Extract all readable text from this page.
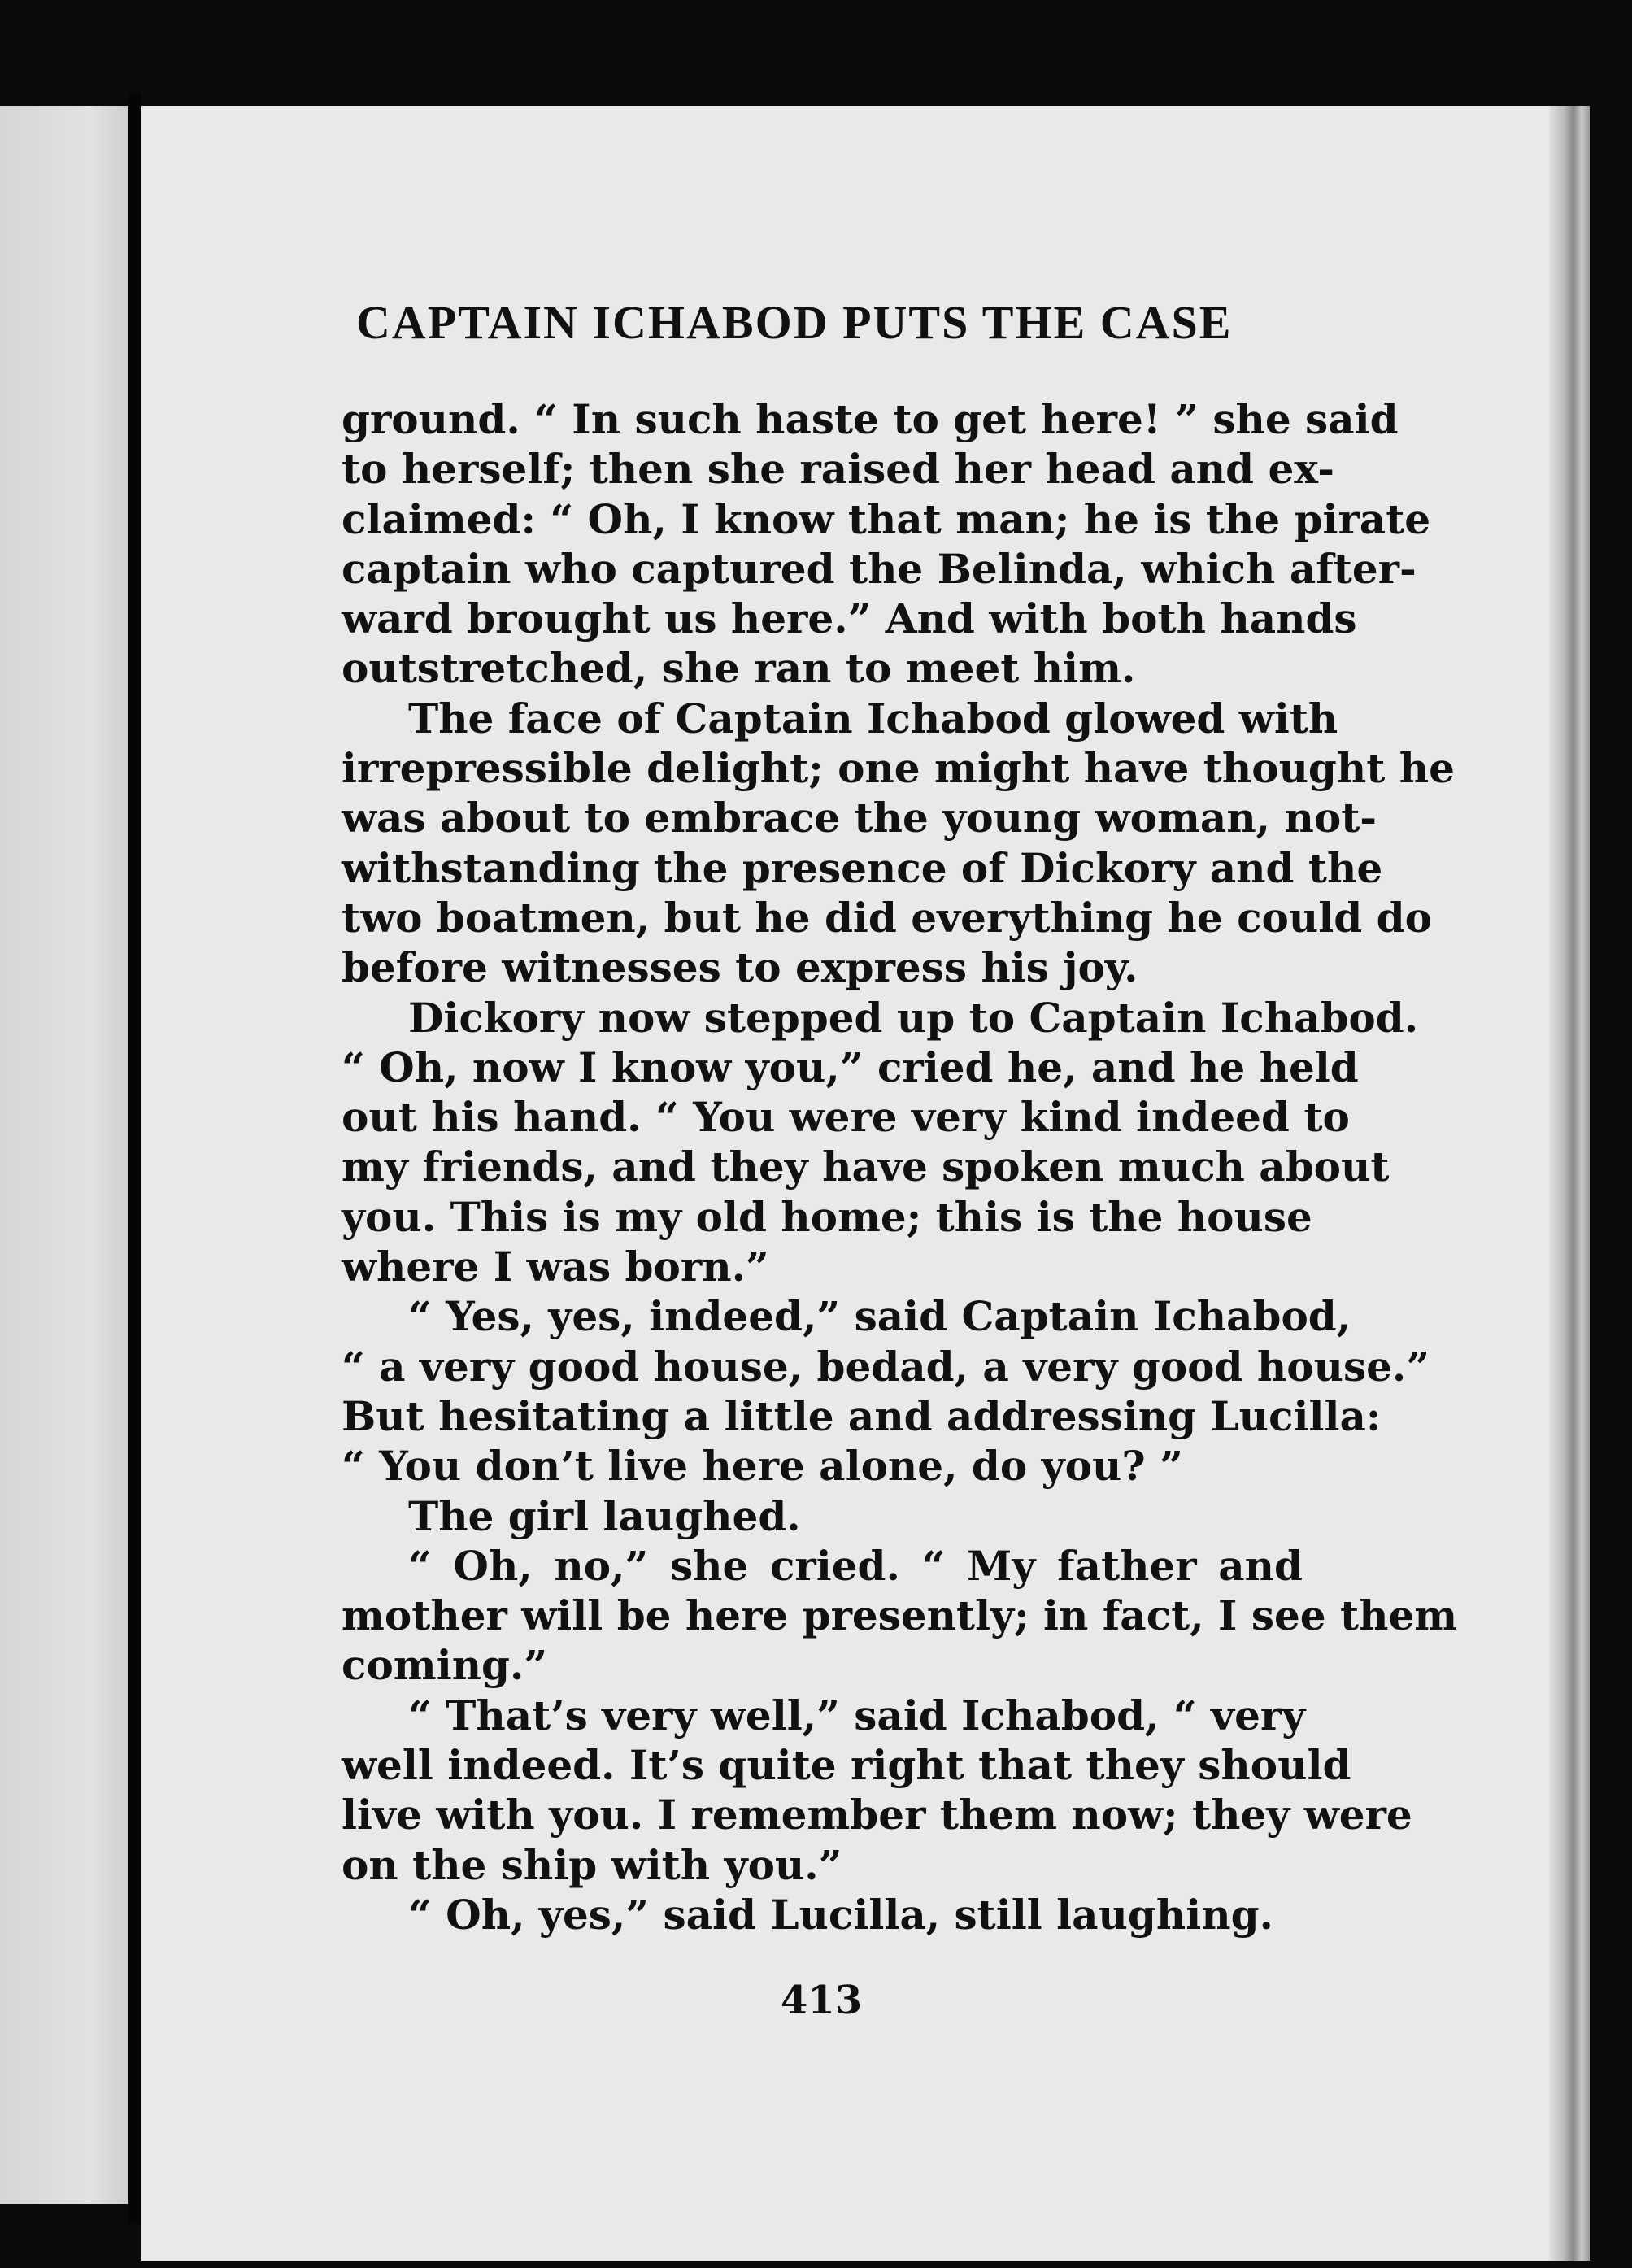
CAPTAIN ICHABOD PUTS THE CASE
ground. “ In such haste to get here! ” she said
to herself; then she raised her head and ex-
claimed: “ Oh, I know that man; he is the pirate
captain who captured the Belinda, which after-
ward brought us here.” And with both hands
outstretched, she ran to meet him.
The face of Captain Ichabod glowed with
irrepressible delight; one might have thought he
was about to embrace the young woman, not-
withstanding the presence of Dickory and the
two boatmen, but he did everything he could do
before witnesses to express his joy.
Dickory now stepped up to Captain Ichabod.
“ Oh, now I know you,” cried he, and he held
out his hand. “ You were very kind indeed to
my friends, and they have spoken much about
you. This is my old home; this is the house
where I was born.”
“ Yes, yes, indeed,” said Captain Ichabod,
“ a very good house, bedad, a very good house.”
But hesitating a little and addressing Lucilla:
“ You don’t live here alone, do you? ”
The girl laughed.
“ Oh, no,” she cried. “ My father and
mother will be here presently; in fact, I see them
coming.”
“ That’s very well,” said Ichabod, “ very
well indeed. It’s quite right that they should
live with you. I remember them now; they were
on the ship with you.”
“ Oh, yes,” said Lucilla, still laughing.
413
